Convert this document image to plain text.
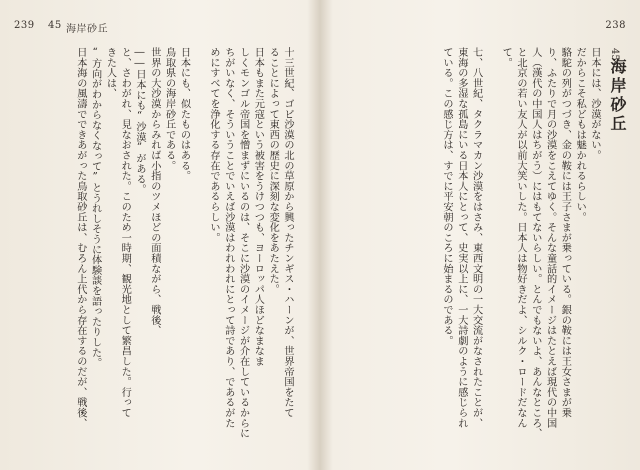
239 45 海岸砂丘
十三世紀、ゴビ沙漠の北の草原から興ったチンギス・ハーンが、世界帝国をたて
ることによって東西の歴史に深刻な変化をあたえた。
日本もまた元寇という被害をうけつつも、ヨーロッパ人ほどなまなま
しくモンゴル帝国を憎まずにいるのは、そこに沙漠のイメージが介在しているからに
ちがいなく、そういうことでいえば沙漠はわれわれにとって詩であり、であるがた
めにすべてを浄化する存在であるらしい。

日本にも、似たものはある。
鳥取県の海岸砂丘である。
世界の大沙漠からみれば小指のツメほどの面積ながら、戦後、
――日本にも“沙漠”がある。
と、さわがれ、見なおされた。このため一時期、観光地として繁昌した。行って
きた人は、
“方向がわからなくなって”とうれしそうに体験談を語ったりした。
日本海の風濤でできあがった鳥取砂丘は、むろん上代から存在するのだが、戦後、
238
45
海岸砂丘
日本には、沙漠がない。
だからこそ私どもは魅かれるらしい。
駱駝の列がつづき、金の鞍には王子さまが乗っている。銀の鞍には王女さまが乗
り、ふたりで月の沙漠をこえてゆく。そんな童話的イメージはたとえば現代の中国
人（漢代の中国人はちがう）にはもてないらしい。とんでもないよ、あんなところ、
と北京の若い友人が以前大笑いした。日本人は物好きだよ、シルク・ロードだなん
て。

七、八世紀、タクラマカン沙漠をはさみ、東西文明の一大交流がなされたことが、
東海の多湿な孤島にいる日本人にとって、史実以上に、一大詩劇のように感じられ
ている。この感じ方は、すでに平安朝のころに始まるのである。
